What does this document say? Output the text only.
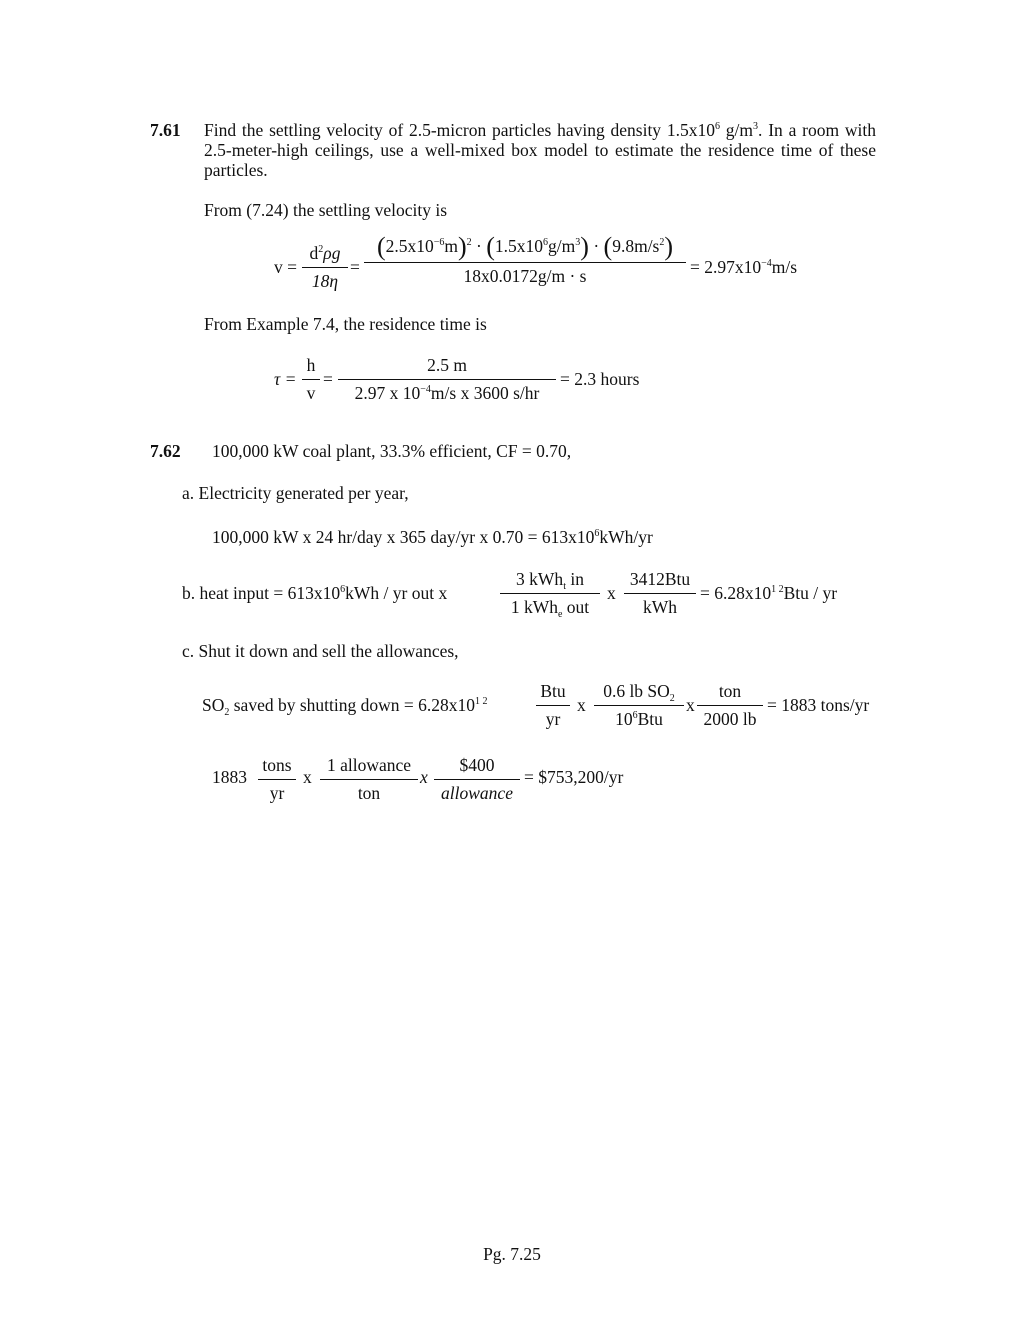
7.61 Find the settling velocity of 2.5-micron particles having density $1.5x10^6$ $g/m^3$. In a room with 2.5-meter-high ceilings, use a well-mixed box model to estimate the residence time of these particles.
From (7.24) the settling velocity is
v =
$d^2\rho g$
18η
=
$(2.5x10^{-6}m)^2 \cdot (1.5x10^6g/m^3) \cdot (9.8m/s^2)$
18x0.0172g/m · s	= $2.97x10^{-4}m/s$
From Example 7.4, the residence time is
τ =
h
v
=
2.5 m
2.97 x $10^{-4}m/s$ x 3600 s/hr
= 2.3 hours
7.62 100,000 kW coal plant, 33.3% efficient, CF = 0.70,
a. Electricity generated per year,
100,000 kW x 24 hr/day x 365 day/yr x $0.70 = 613x10^6kWh/yr$
b. heat input = $613x10^6kWh$ / yr out x
3 kWh$_t$ in
1 kWh$_e$ out
x
3412Btu
kWh
= $6.28x10^{1 2}Btu$ / yr
c. Shut it down and sell the allowances,
$SO_2$ saved by shutting down = $6.28x10^{1 2}$
Btu
yr
x
0.6 lb $SO_2$
$10^6Btu$
x
ton
2000 lb
= 1883 tons/yr
1883
tons
yr
x
1 allowance
ton
x
$400
allowance
= $753,200/yr
Pg. 7.25
